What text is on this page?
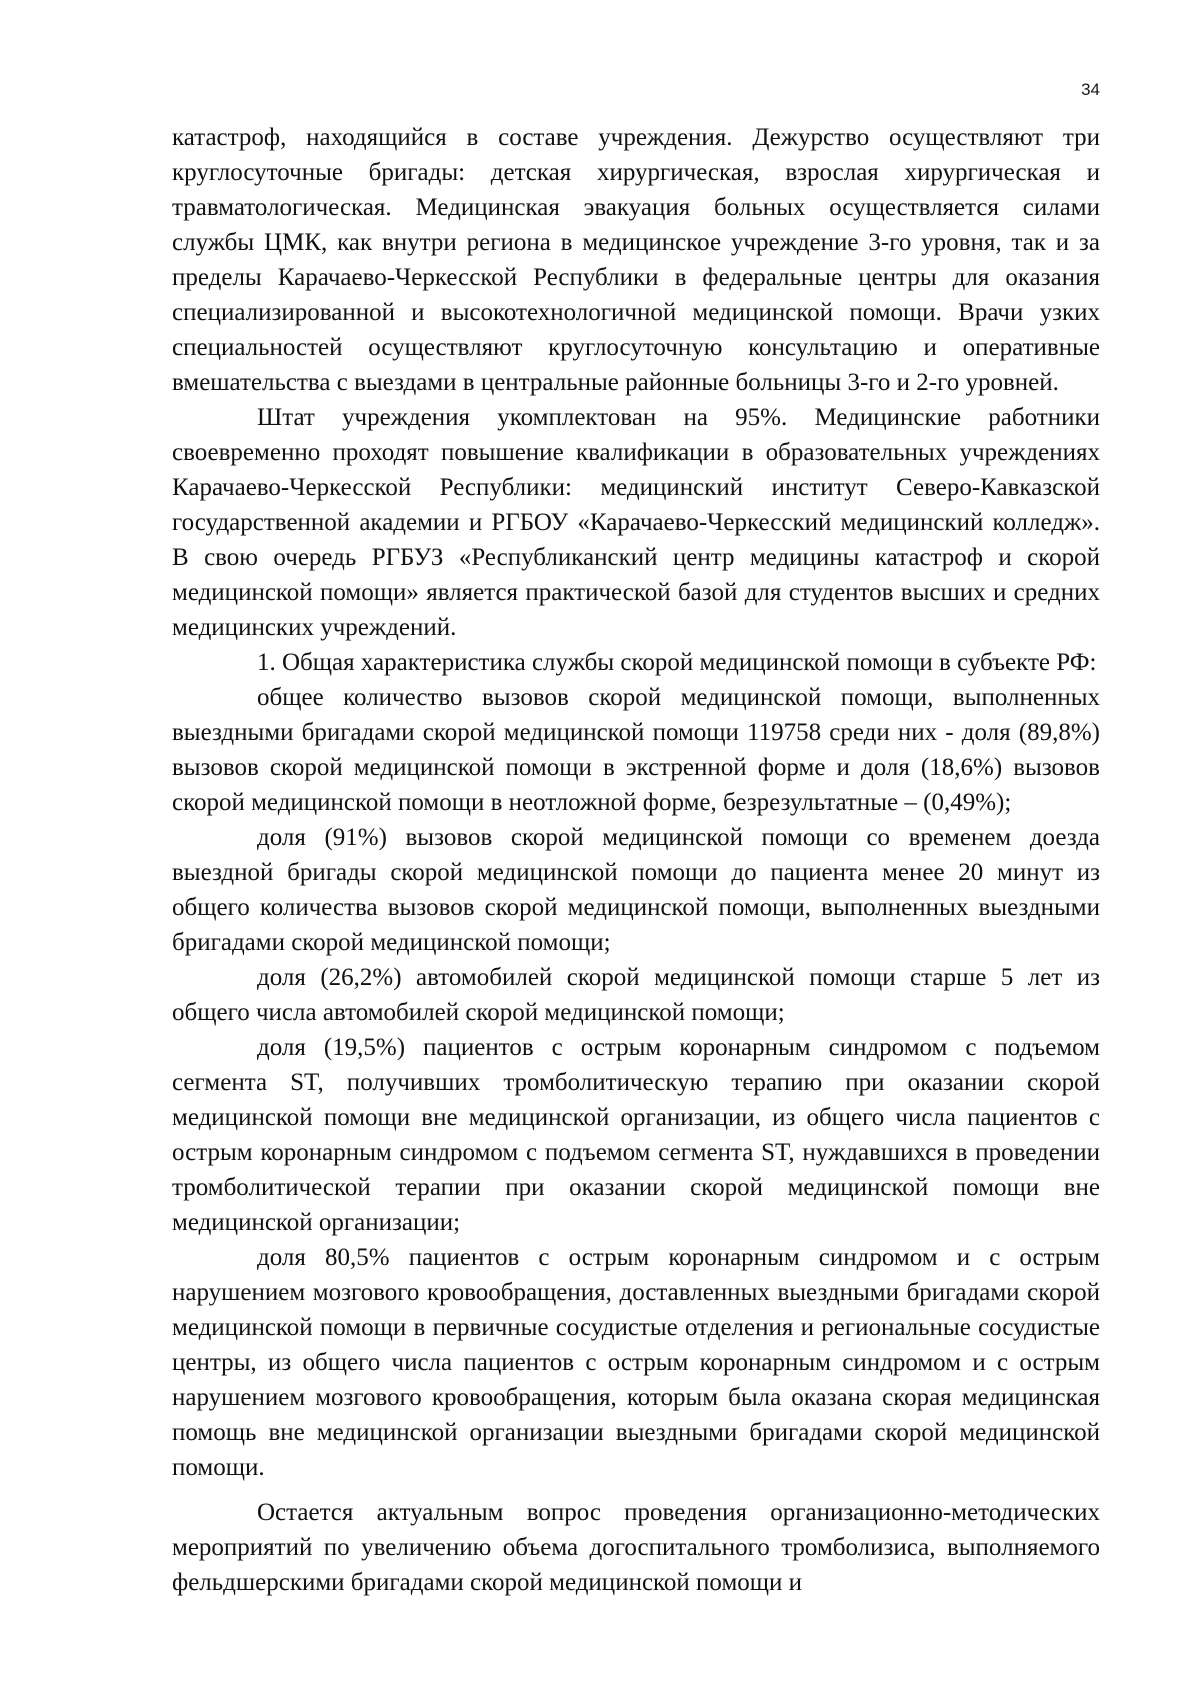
34

катастроф, находящийся в составе учреждения. Дежурство осуществляют три круглосуточные бригады: детская хирургическая, взрослая хирургическая и травматологическая. Медицинская эвакуация больных осуществляется силами службы ЦМК, как внутри региона в медицинское учреждение 3-го уровня, так и за пределы Карачаево-Черкесской Республики в федеральные центры для оказания специализированной и высокотехнологичной медицинской помощи. Врачи узких специальностей осуществляют круглосуточную консультацию и оперативные вмешательства с выездами в центральные районные больницы 3-го и 2-го уровней.

Штат учреждения укомплектован на 95%. Медицинские работники своевременно проходят повышение квалификации в образовательных учреждениях Карачаево-Черкесской Республики: медицинский институт Северо-Кавказской государственной академии и РГБОУ «Карачаево-Черкесский медицинский колледж». В свою очередь РГБУЗ «Республиканский центр медицины катастроф и скорой медицинской помощи» является практической базой для студентов высших и средних медицинских учреждений.

1. Общая характеристика службы скорой медицинской помощи в субъекте РФ:

общее количество вызовов скорой медицинской помощи, выполненных выездными бригадами скорой медицинской помощи 119758 среди них - доля (89,8%) вызовов скорой медицинской помощи в экстренной форме и доля (18,6%) вызовов скорой медицинской помощи в неотложной форме, безрезультатные – (0,49%);

доля (91%) вызовов скорой медицинской помощи со временем доезда выездной бригады скорой медицинской помощи до пациента менее 20 минут из общего количества вызовов скорой медицинской помощи, выполненных выездными бригадами скорой медицинской помощи;

доля (26,2%) автомобилей скорой медицинской помощи старше 5 лет из общего числа автомобилей скорой медицинской помощи;

доля (19,5%) пациентов с острым коронарным синдромом с подъемом сегмента ST, получивших тромболитическую терапию при оказании скорой медицинской помощи вне медицинской организации, из общего числа пациентов с острым коронарным синдромом с подъемом сегмента ST, нуждавшихся в проведении тромболитической терапии при оказании скорой медицинской помощи вне медицинской организации;

доля 80,5% пациентов с острым коронарным синдромом и с острым нарушением мозгового кровообращения, доставленных выездными бригадами скорой медицинской помощи в первичные сосудистые отделения и региональные сосудистые центры, из общего числа пациентов с острым коронарным синдромом и с острым нарушением мозгового кровообращения, которым была оказана скорая медицинская помощь вне медицинской организации выездными бригадами скорой медицинской помощи.

Остается актуальным вопрос проведения организационно-методических мероприятий по увеличению объема догоспитального тромболизиса, выполняемого фельдшерскими бригадами скорой медицинской помощи и
